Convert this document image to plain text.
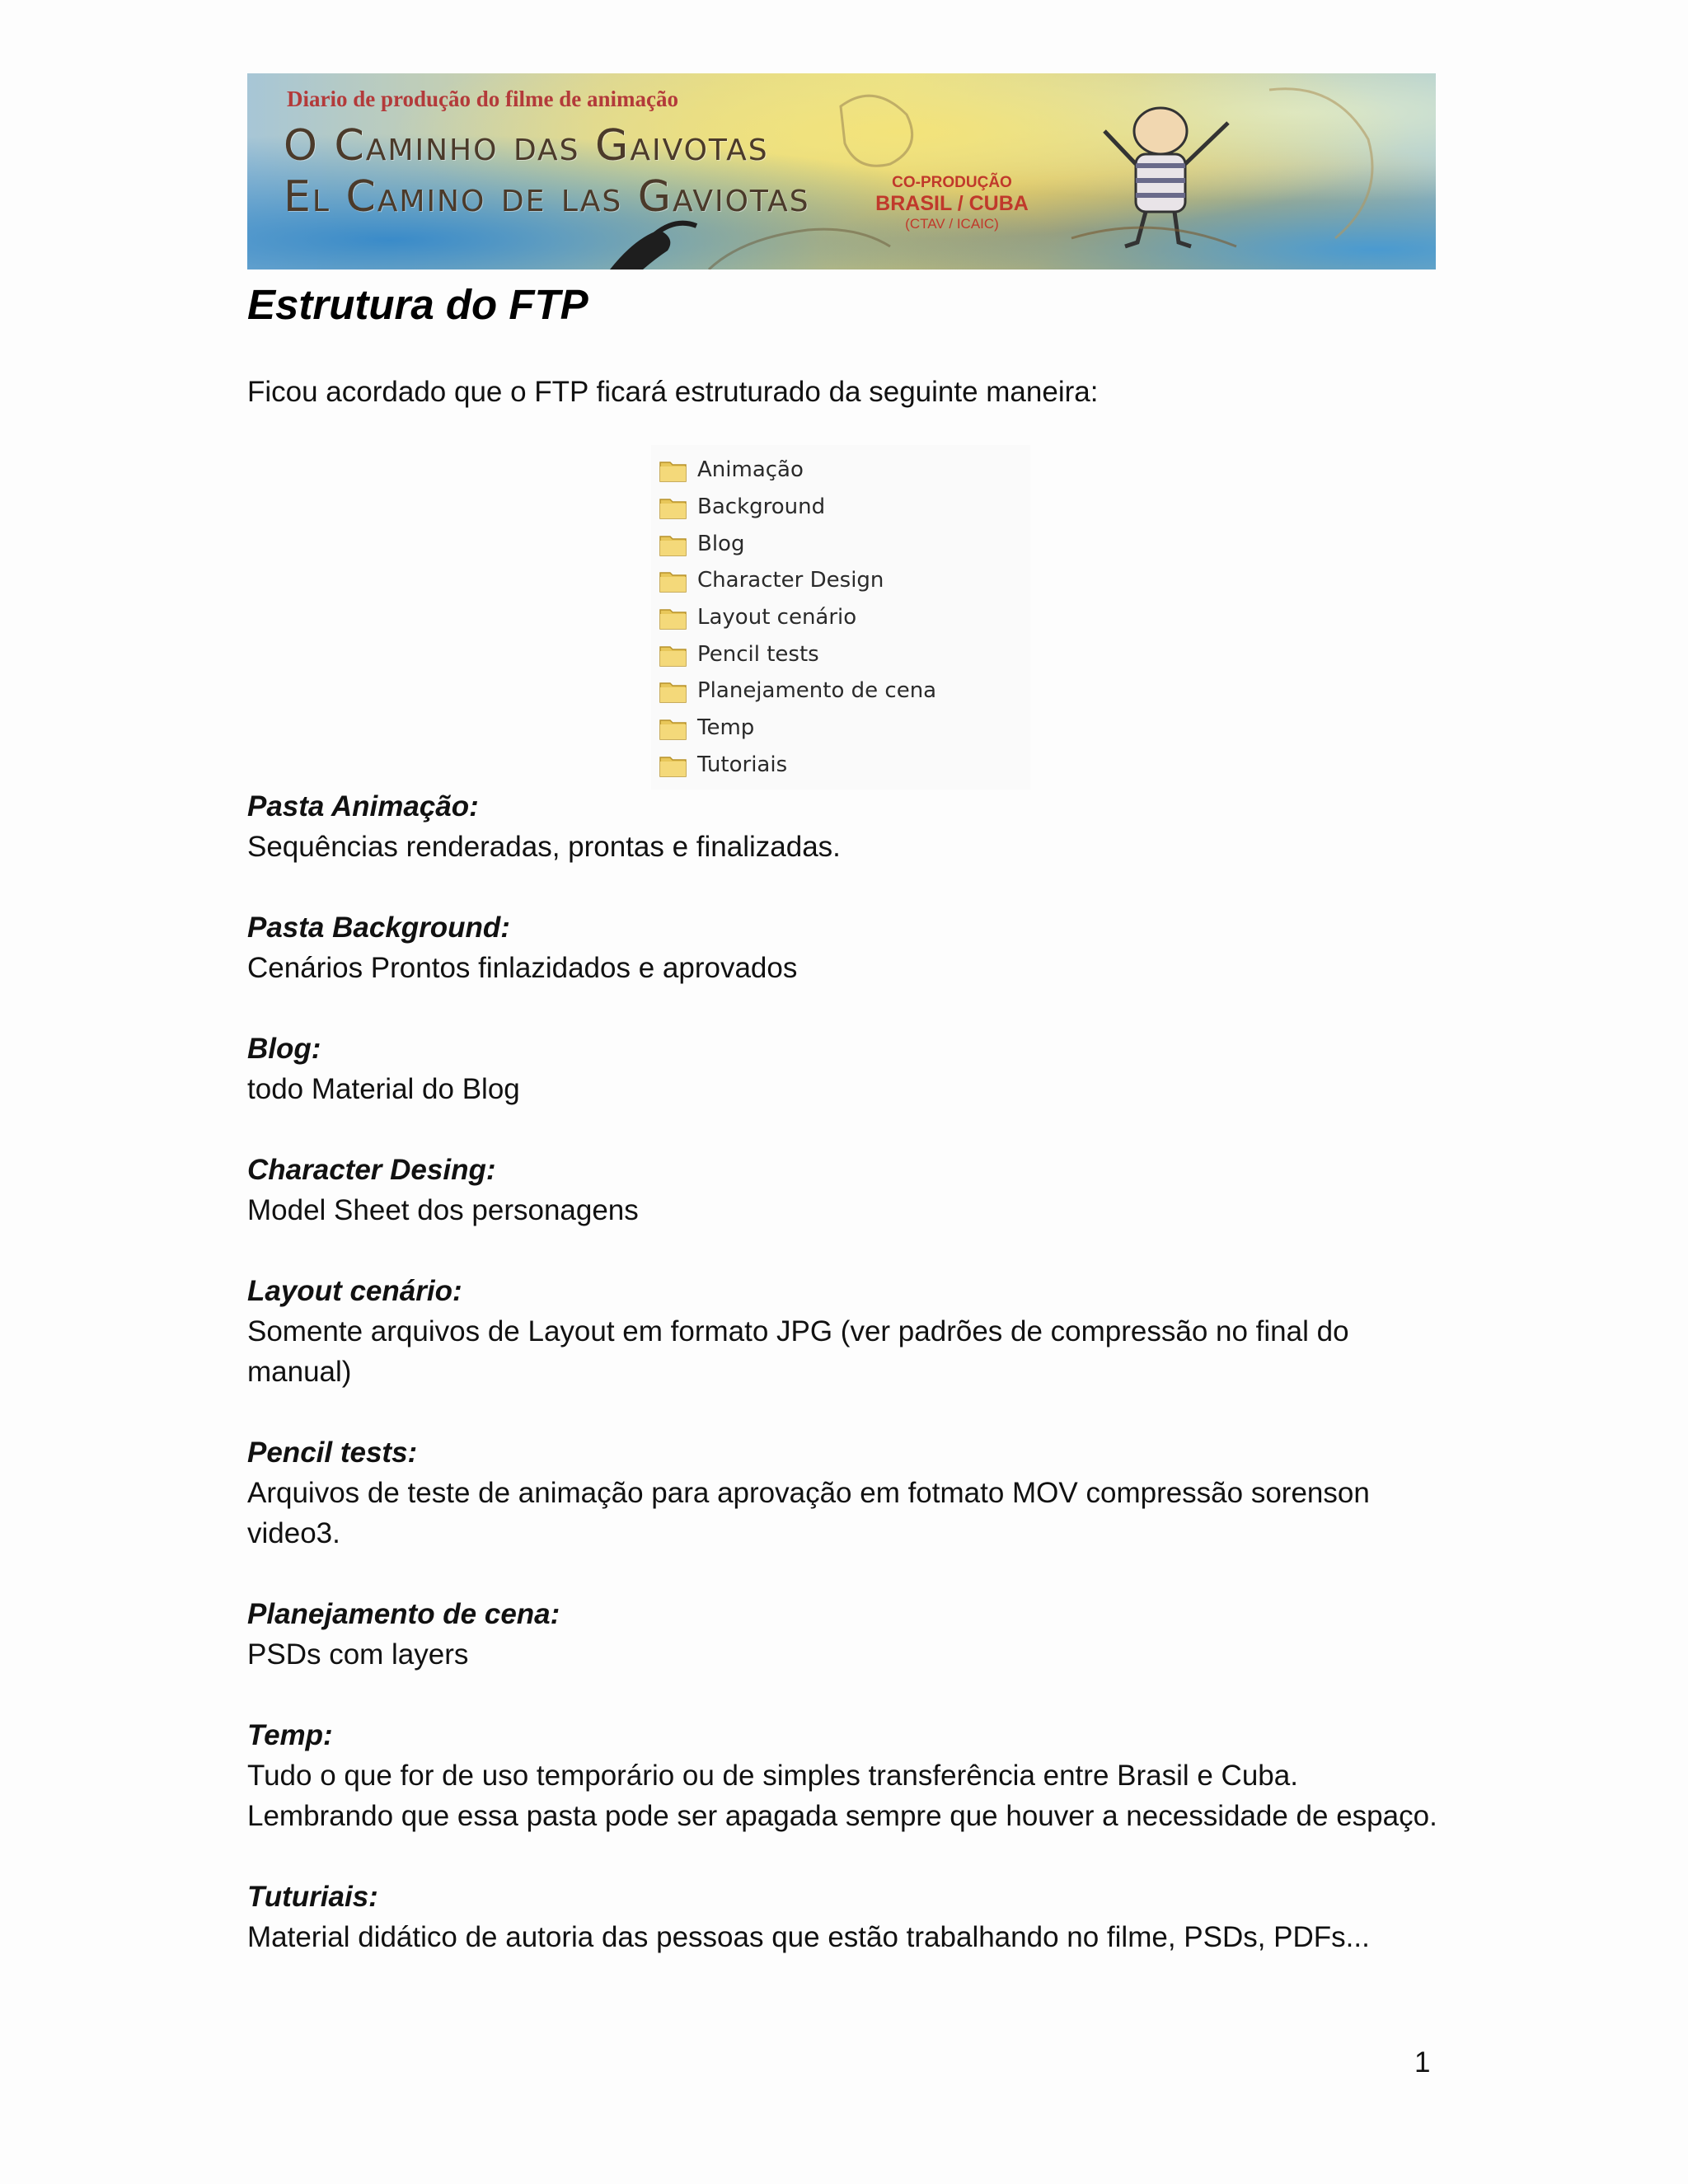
Diario de produção do filme de animação
O Caminho das Gaivotas
El Camino de las Gaviotas	CO-PRODUÇÃO
BRASIL / CUBA
(CTAV / ICAIC)
Estrutura do FTP

Ficou acordado que o FTP ficará estruturado da seguinte maneira:

Animação
Background
Blog
Character Design
Layout cenário
Pencil tests
Planejamento de cena
Temp
Tutoriais
Pasta Animação:

Sequências renderadas, prontas e finalizadas.

Pasta Background:

Cenários Prontos finlazidados e aprovados

Blog:

todo Material do Blog

Character Desing:

Model Sheet dos personagens

Layout cenário:

Somente arquivos de Layout em formato JPG (ver padrões de compressão no final do manual)

Pencil tests:

Arquivos de teste de animação para aprovação em fotmato MOV compressão sorenson video3.

Planejamento de cena:

PSDs com layers

Temp:

Tudo o que for de uso temporário ou de simples transferência entre Brasil e Cuba. Lembrando que essa pasta pode ser apagada sempre que houver a necessidade de espaço.

Tuturiais:

Material didático de autoria das pessoas que estão trabalhando no filme, PSDs, PDFs...

1
